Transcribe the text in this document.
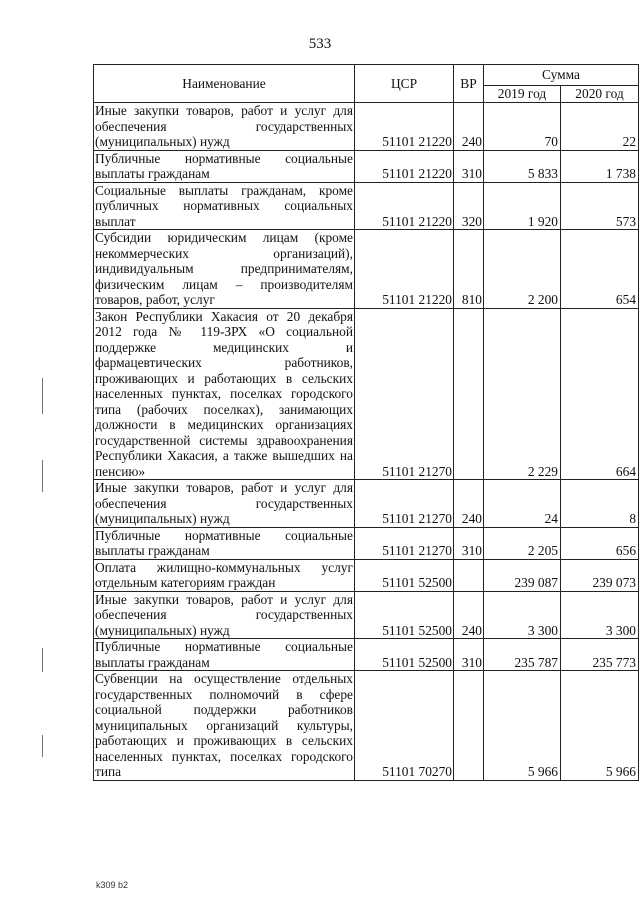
533
Наименование	ЦСР	ВР	Сумма	
			2019 год	2020 год
Иные закупки товаров, работ и услуг для обеспечения государственных (муниципальных) нужд	51101 21220	240	70	22
Публичные нормативные социальные выплаты гражданам	51101 21220	310	5 833	1 738
Социальные выплаты гражданам, кроме публичных нормативных социальных выплат	51101 21220	320	1 920	573
Субсидии юридическим лицам (кроме некоммерческих организаций), индивидуальным предпринимателям, физическим лицам – производителям товаров, работ, услуг	51101 21220	810	2 200	654
Закон Республики Хакасия от 20 декабря 2012 года № 119-ЗРХ «О социальной поддержке медицинских и фармацевтических работников, проживающих и работающих в сельских населенных пунктах, поселках городского типа (рабочих поселках), занимающих должности в медицинских организациях государственной системы здравоохранения Республики Хакасия, а также вышедших на пенсию»	51101 21270		2 229	664
Иные закупки товаров, работ и услуг для обеспечения государственных (муниципальных) нужд	51101 21270	240	24	8
Публичные нормативные социальные выплаты гражданам	51101 21270	310	2 205	656
Оплата жилищно-коммунальных услуг отдельным категориям граждан	51101 52500		239 087	239 073
Иные закупки товаров, работ и услуг для обеспечения государственных (муниципальных) нужд	51101 52500	240	3 300	3 300
Публичные нормативные социальные выплаты гражданам	51101 52500	310	235 787	235 773
Субвенции на осуществление отдельных государственных полномочий в сфере социальной поддержки работников муниципальных организаций культуры, работающих и проживающих в сельских населенных пунктах, поселках городского типа	51101 70270		5 966	5 966
k309 b2
